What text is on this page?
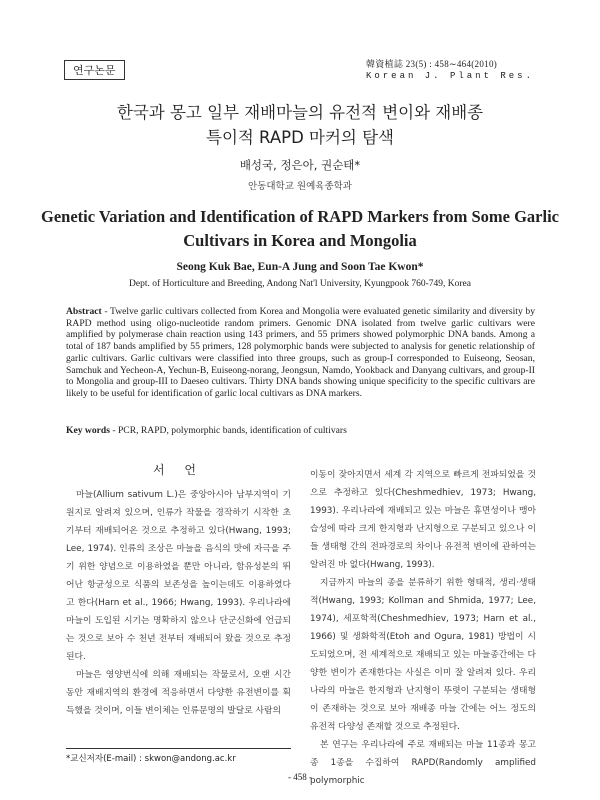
연구논문	韓資植誌 23(5) : 458∼464(2010)
Korean J. Plant Res.
한국과 몽고 일부 재배마늘의 유전적 변이와 재배종
특이적 RAPD 마커의 탐색
배성국, 정은아, 권순태*
안동대학교 원예육종학과
Genetic Variation and Identification of RAPD Markers from Some Garlic
Cultivars in Korea and Mongolia
Seong Kuk Bae, Eun-A Jung and Soon Tae Kwon*
Dept. of Horticulture and Breeding, Andong Nat'l University, Kyungpook 760-749, Korea
Abstract - Twelve garlic cultivars collected from Korea and Mongolia were evaluated genetic similarity and diversity by RAPD method using oligo-nucleotide random primers. Genomic DNA isolated from twelve garlic cultivars were amplified by polymerase chain reaction using 143 primers, and 55 primers showed polymorphic DNA bands. Among a total of 187 bands amplified by 55 primers, 128 polymorphic bands were subjected to analysis for genetic relationship of garlic cultivars. Garlic cultivars were classified into three groups, such as group-I corresponded to Euiseong, Seosan, Samchuk and Yecheon-A, Yechun-B, Euiseong-norang, Jeongsun, Namdo, Yookback and Danyang cultivars, and group-II to Mongolia and group-III to Daeseo cultivars. Thirty DNA bands showing unique specificity to the specific cultivars are likely to be useful for identification of garlic local cultivars as DNA markers.
Key words - PCR, RAPD, polymorphic bands, identification of cultivars
서 언

마늘(Allium sativum L.)은 중앙아시아 남부지역이 기원지로 알려져 있으며, 인류가 작물을 경작하기 시작한 초기부터 재배되어온 것으로 추정하고 있다(Hwang, 1993; Lee, 1974). 인류의 조상은 마늘을 음식의 맛에 자극을 주기 위한 양념으로 이용하였을 뿐만 아니라, 함유성분의 뛰어난 항균성으로 식품의 보존성을 높이는데도 이용하였다고 한다(Harn et al., 1966; Hwang, 1993). 우리나라에 마늘이 도입된 시기는 명확하지 않으나 단군신화에 언급되는 것으로 보아 수 천년 전부터 재배되어 왔을 것으로 추정된다.

마늘은 영양번식에 의해 재배되는 작물로서, 오랜 시간 동안 재배지역의 환경에 적응하면서 다양한 유전변이를 획득했을 것이며, 이들 변이체는 인류문명의 발달로 사람의

이동이 잦아지면서 세계 각 지역으로 빠르게 전파되었을 것으로 추정하고 있다(Cheshmedhiev, 1973; Hwang, 1993). 우리나라에 재배되고 있는 마늘은 휴면성이나 맹아습성에 따라 크게 한지형과 난지형으로 구분되고 있으나 이들 생태형 간의 전파경로의 차이나 유전적 변이에 관하여는 알려진 바 없다(Hwang, 1993).

지금까지 마늘의 종을 분류하기 위한 형태적, 생리·생태적(Hwang, 1993; Kollman and Shmida, 1977; Lee, 1974), 세포학적(Cheshmedhiev, 1973; Harn et al., 1966) 및 생화학적(Etoh and Ogura, 1981) 방법이 시도되었으며, 전 세계적으로 재배되고 있는 마늘종간에는 다양한 변이가 존재한다는 사실은 이미 잘 알려져 있다. 우리나라의 마늘은 한지형과 난지형이 뚜렷이 구분되는 생태형이 존재하는 것으로 보아 재배종 마늘 간에는 어느 정도의 유전적 다양성 존재할 것으로 추정된다.

본 연구는 우리나라에 주로 재배되는 마늘 11종과 몽고종 1종을 수집하여 RAPD(Randomly amplified polymorphic

*교신저자(E-mail) : skwon@andong.ac.kr
- 458 -
